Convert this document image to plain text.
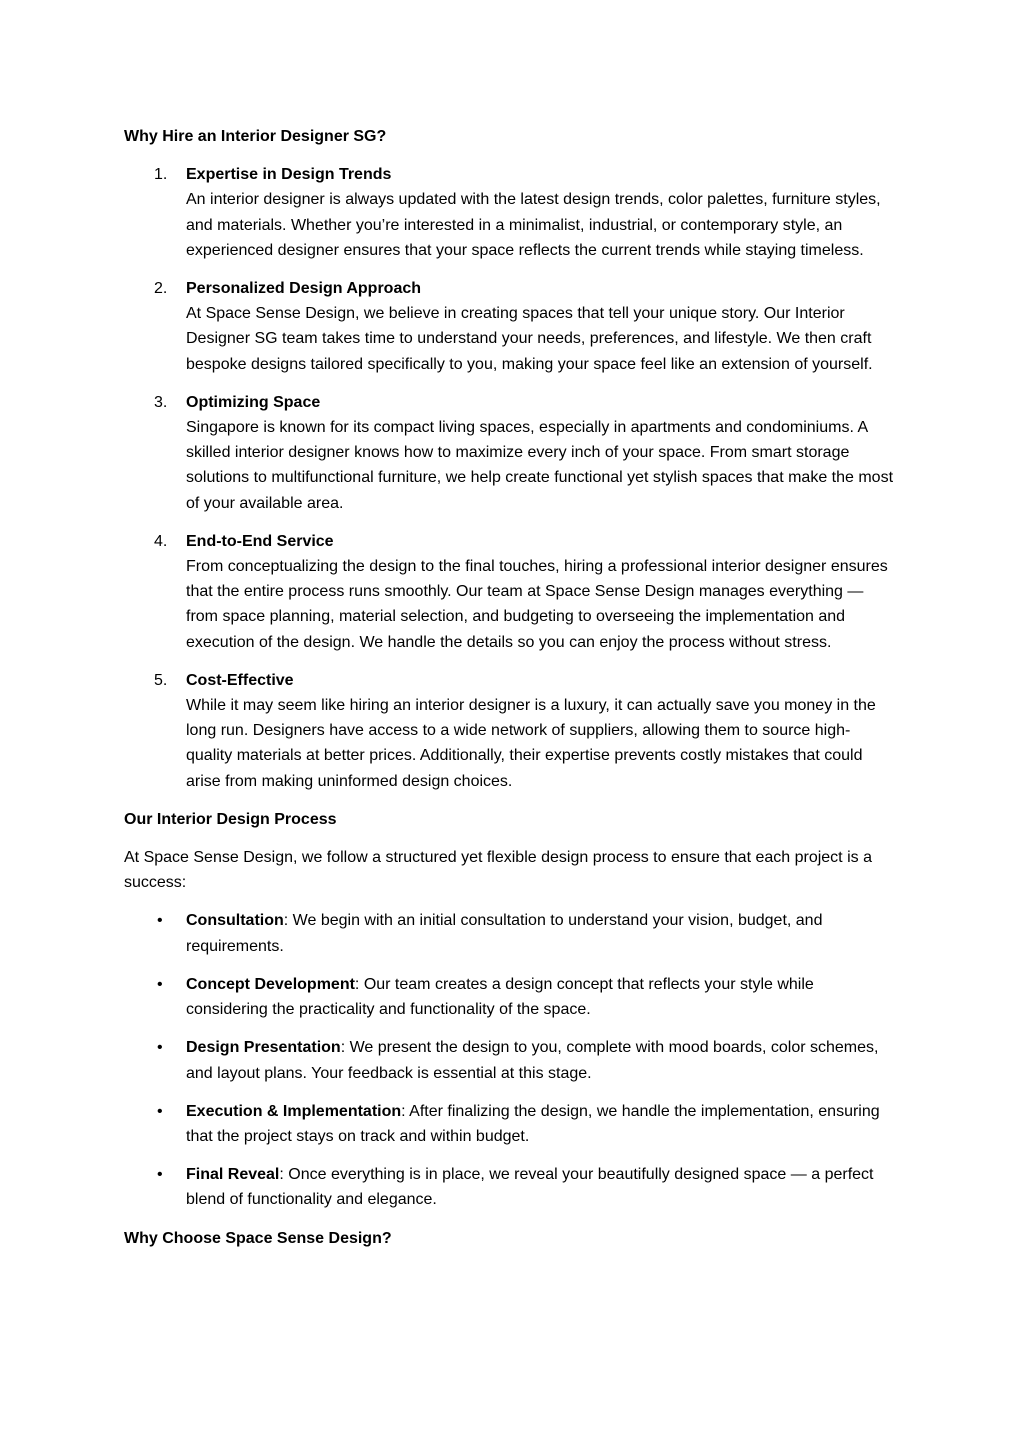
Why Hire an Interior Designer SG?
1. Expertise in Design Trends
An interior designer is always updated with the latest design trends, color palettes, furniture styles, and materials. Whether you’re interested in a minimalist, industrial, or contemporary style, an experienced designer ensures that your space reflects the current trends while staying timeless.
2. Personalized Design Approach
At Space Sense Design, we believe in creating spaces that tell your unique story. Our Interior Designer SG team takes time to understand your needs, preferences, and lifestyle. We then craft bespoke designs tailored specifically to you, making your space feel like an extension of yourself.
3. Optimizing Space
Singapore is known for its compact living spaces, especially in apartments and condominiums. A skilled interior designer knows how to maximize every inch of your space. From smart storage solutions to multifunctional furniture, we help create functional yet stylish spaces that make the most of your available area.
4. End-to-End Service
From conceptualizing the design to the final touches, hiring a professional interior designer ensures that the entire process runs smoothly. Our team at Space Sense Design manages everything — from space planning, material selection, and budgeting to overseeing the implementation and execution of the design. We handle the details so you can enjoy the process without stress.
5. Cost-Effective
While it may seem like hiring an interior designer is a luxury, it can actually save you money in the long run. Designers have access to a wide network of suppliers, allowing them to source high-quality materials at better prices. Additionally, their expertise prevents costly mistakes that could arise from making uninformed design choices.
Our Interior Design Process
At Space Sense Design, we follow a structured yet flexible design process to ensure that each project is a success:
• Consultation: We begin with an initial consultation to understand your vision, budget, and requirements.
• Concept Development: Our team creates a design concept that reflects your style while considering the practicality and functionality of the space.
• Design Presentation: We present the design to you, complete with mood boards, color schemes, and layout plans. Your feedback is essential at this stage.
• Execution & Implementation: After finalizing the design, we handle the implementation, ensuring that the project stays on track and within budget.
• Final Reveal: Once everything is in place, we reveal your beautifully designed space — a perfect blend of functionality and elegance.
Why Choose Space Sense Design?
